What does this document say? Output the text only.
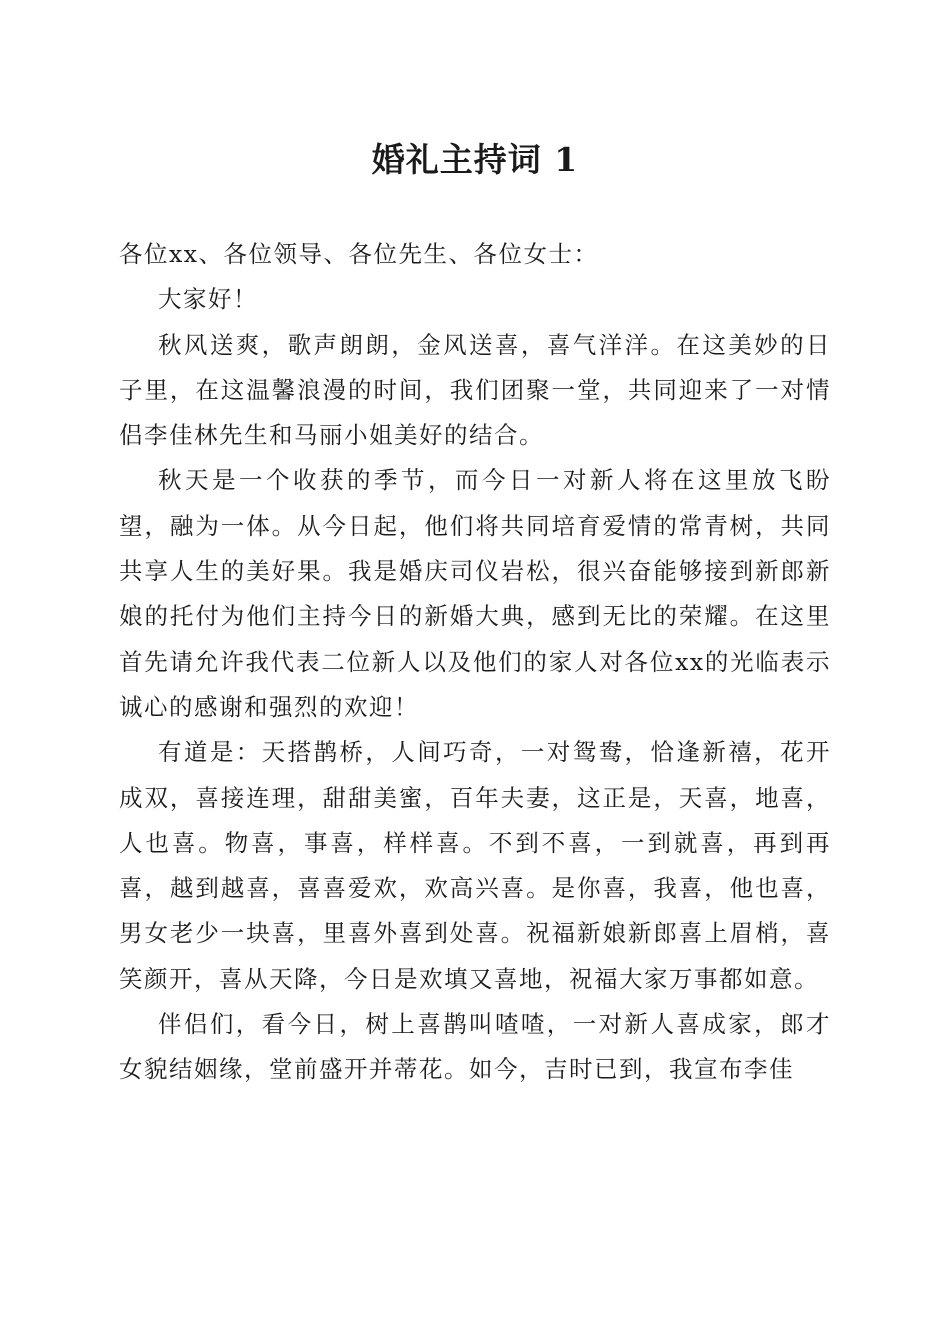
婚礼主持词 1

各位xx、各位领导、各位先生、各位女士：

大家好！

秋风送爽，歌声朗朗，金风送喜，喜气洋洋。在这美妙的日子里，在这温馨浪漫的时间，我们团聚一堂，共同迎来了一对情侣李佳林先生和马丽小姐美好的结合。

秋天是一个收获的季节，而今日一对新人将在这里放飞盼望，融为一体。从今日起，他们将共同培育爱情的常青树，共同共享人生的美好果。我是婚庆司仪岩松，很兴奋能够接到新郎新娘的托付为他们主持今日的新婚大典，感到无比的荣耀。在这里首先请允许我代表二位新人以及他们的家人对各位xx的光临表示诚心的感谢和强烈的欢迎！

有道是：天搭鹊桥，人间巧奇，一对鸳鸯，恰逢新禧，花开成双，喜接连理，甜甜美蜜，百年夫妻，这正是，天喜，地喜，人也喜。物喜，事喜，样样喜。不到不喜，一到就喜，再到再喜，越到越喜，喜喜爱欢，欢高兴喜。是你喜，我喜，他也喜，男女老少一块喜，里喜外喜到处喜。祝福新娘新郎喜上眉梢，喜笑颜开，喜从天降，今日是欢填又喜地，祝福大家万事都如意。

伴侣们，看今日，树上喜鹊叫喳喳，一对新人喜成家，郎才女貌结姻缘，堂前盛开并蒂花。如今，吉时已到，我宣布李佳
